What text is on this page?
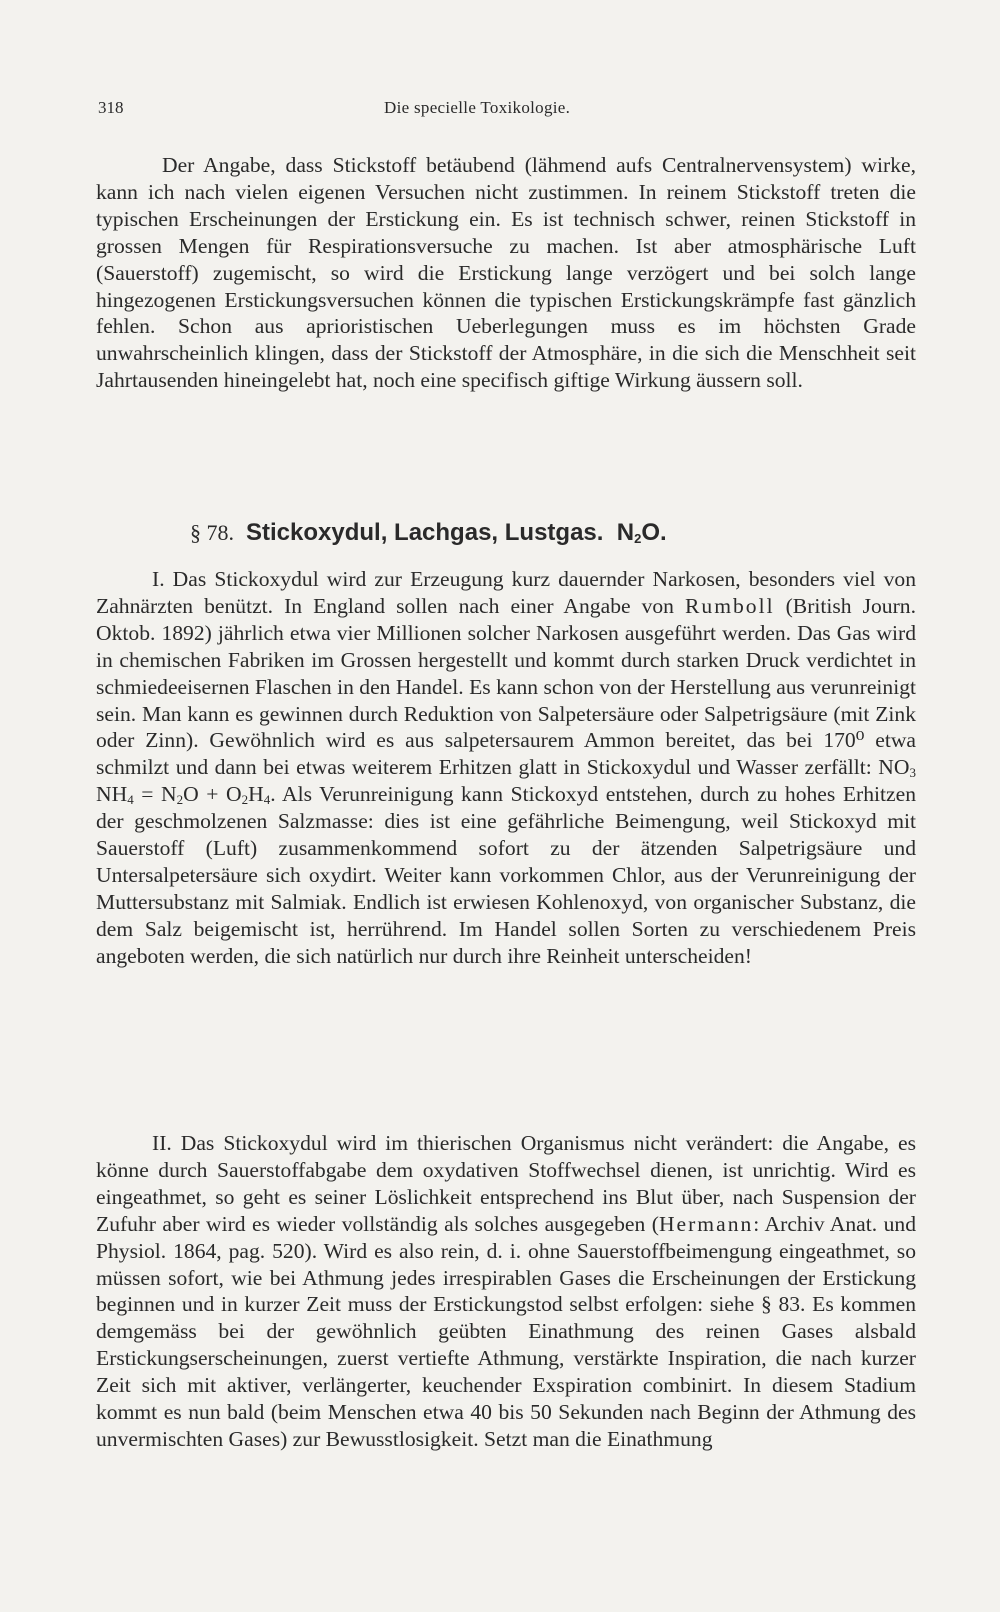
318	Die specielle Toxikologie.

Der Angabe, dass Stickstoff betäubend (lähmend aufs Centralnervensystem) wirke, kann ich nach vielen eigenen Versuchen nicht zustimmen. In reinem Stickstoff treten die typischen Erscheinungen der Erstickung ein. Es ist technisch schwer, reinen Stickstoff in grossen Mengen für Respirationsversuche zu machen. Ist aber atmosphärische Luft (Sauerstoff) zugemischt, so wird die Erstickung lange verzögert und bei solch lange hingezogenen Erstickungsversuchen können die typischen Erstickungskrämpfe fast gänzlich fehlen. Schon aus aprioristischen Ueberlegungen muss es im höchsten Grade unwahrscheinlich klingen, dass der Stickstoff der Atmosphäre, in die sich die Menschheit seit Jahrtausenden hineingelebt hat, noch eine specifisch giftige Wirkung äussern soll.

§ 78. Stickoxydul, Lachgas, Lustgas. $N_2O$.

I. Das Stickoxydul wird zur Erzeugung kurz dauernder Narkosen, besonders viel von Zahnärzten benützt. In England sollen nach einer Angabe von Rumboll (British Journ. Oktob. 1892) jährlich etwa vier Millionen solcher Narkosen ausgeführt werden. Das Gas wird in chemischen Fabriken im Grossen hergestellt und kommt durch starken Druck verdichtet in schmiedeeisernen Flaschen in den Handel. Es kann schon von der Herstellung aus verunreinigt sein. Man kann es gewinnen durch Reduktion von Salpetersäure oder Salpetrigsäure (mit Zink oder Zinn). Gewöhnlich wird es aus salpetersaurem Ammon bereitet, das bei 170⁰ etwa schmilzt und dann bei etwas weiterem Erhitzen glatt in Stickoxydul und Wasser zerfällt: $NO_3$ $NH_4 = N_2O + O_2H_4$. Als Verunreinigung kann Stickoxyd entstehen, durch zu hohes Erhitzen der geschmolzenen Salzmasse: dies ist eine gefährliche Beimengung, weil Stickoxyd mit Sauerstoff (Luft) zusammenkommend sofort zu der ätzenden Salpetrigsäure und Untersalpetersäure sich oxydirt. Weiter kann vorkommen Chlor, aus der Verunreinigung der Muttersubstanz mit Salmiak. Endlich ist erwiesen Kohlenoxyd, von organischer Substanz, die dem Salz beigemischt ist, herrührend. Im Handel sollen Sorten zu verschiedenem Preis angeboten werden, die sich natürlich nur durch ihre Reinheit unterscheiden!

II. Das Stickoxydul wird im thierischen Organismus nicht verändert: die Angabe, es könne durch Sauerstoffabgabe dem oxydativen Stoffwechsel dienen, ist unrichtig. Wird es eingeathmet, so geht es seiner Löslichkeit entsprechend ins Blut über, nach Suspension der Zufuhr aber wird es wieder vollständig als solches ausgegeben (Hermann: Archiv Anat. und Physiol. 1864, pag. 520). Wird es also rein, d. i. ohne Sauerstoffbeimengung eingeathmet, so müssen sofort, wie bei Athmung jedes irrespirablen Gases die Erscheinungen der Erstickung beginnen und in kurzer Zeit muss der Erstickungstod selbst erfolgen: siehe § 83. Es kommen demgemäss bei der gewöhnlich geübten Einathmung des reinen Gases alsbald Erstickungserscheinungen, zuerst vertiefte Athmung, verstärkte Inspiration, die nach kurzer Zeit sich mit aktiver, verlängerter, keuchender Exspiration combinirt. In diesem Stadium kommt es nun bald (beim Menschen etwa 40 bis 50 Sekunden nach Beginn der Athmung des unvermischten Gases) zur Bewusstlosigkeit. Setzt man die Einathmung
